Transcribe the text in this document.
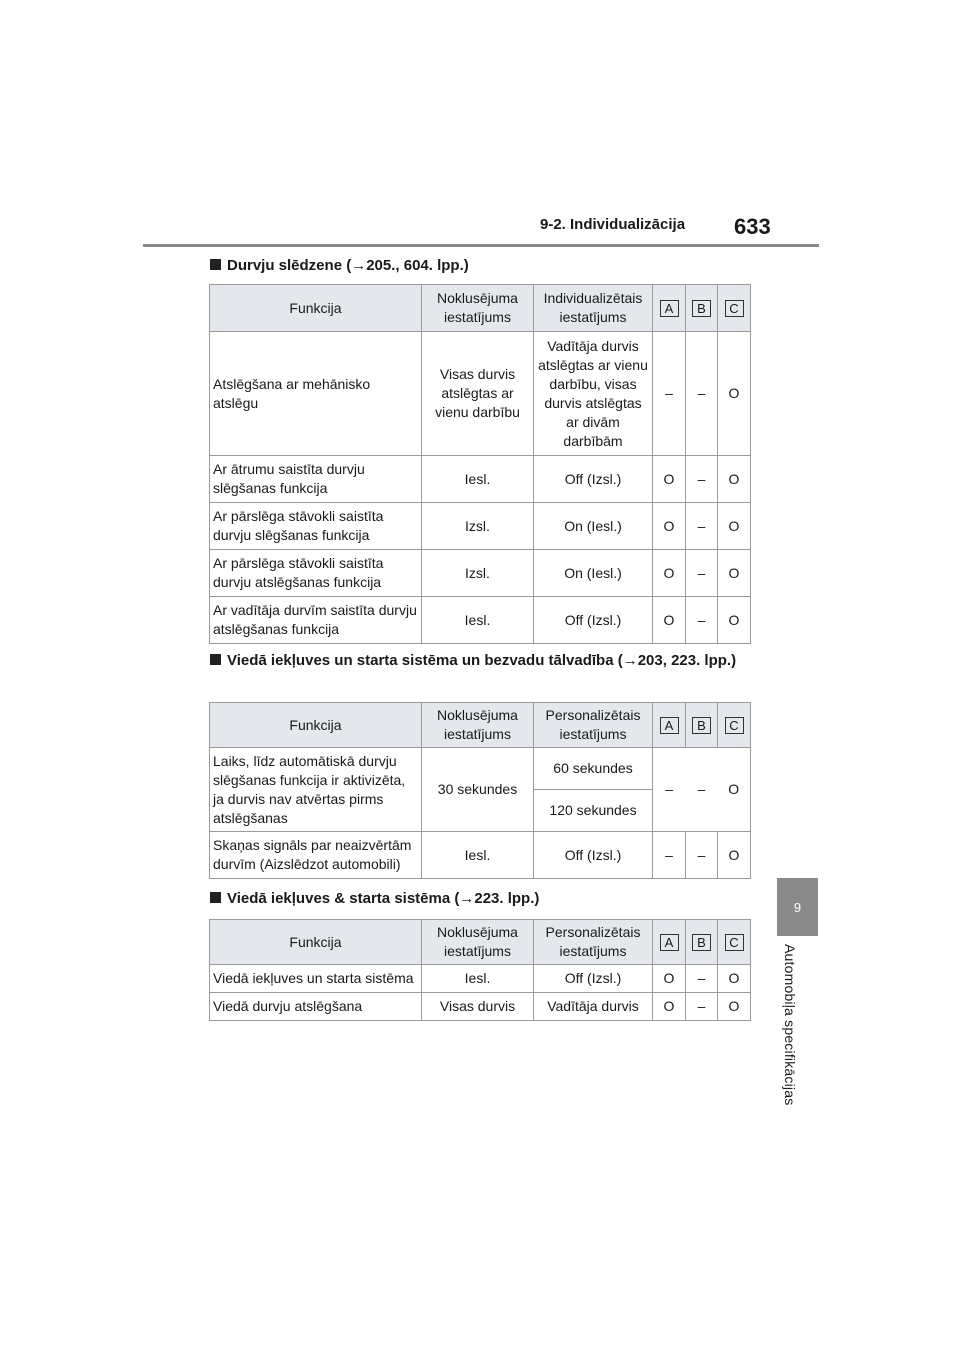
9-2. Individualizācija 633
9
Automobiļa specifikācijas
Durvju slēdzene (→205., 604. lpp.)
Funkcija	Noklusējuma iestatījums	Individualizētais iestatījums	A	B	C
Atslēgšana ar mehānisko atslēgu	Visas durvis atslēgtas ar vienu darbību	Vadītāja durvis atslēgtas ar vienu darbību, visas durvis atslēgtas ar divām darbībām	–	–	O
Ar ātrumu saistīta durvju slēgšanas funkcija	Iesl.	Off (Izsl.)	O	–	O
Ar pārslēga stāvokli saistīta durvju slēgšanas funkcija	Izsl.	On (Iesl.)	O	–	O
Ar pārslēga stāvokli saistīta durvju atslēgšanas funkcija	Izsl.	On (Iesl.)	O	–	O
Ar vadītāja durvīm saistīta durvju atslēgšanas funkcija	Iesl.	Off (Izsl.)	O	–	O
Viedā iekļuves un starta sistēma un bezvadu tālvadība (→203, 223. lpp.)
Funkcija	Noklusējuma iestatījums	Personalizētais iestatījums	A	B	C
Laiks, līdz automātiskā durvju slēgšanas funkcija ir aktivizēta, ja durvis nav atvērtas pirms atslēgšanas	30 sekundes	60 sekundes	–	–	O
		120 sekundes			
Skaņas signāls par neaizvērtām durvīm (Aizslēdzot automobili)	Iesl.	Off (Izsl.)	–	–	O
Viedā iekļuves & starta sistēma (→223. lpp.)
Funkcija	Noklusējuma iestatījums	Personalizētais iestatījums	A	B	C
Viedā iekļuves un starta sistēma	Iesl.	Off (Izsl.)	O	–	O
Viedā durvju atslēgšana	Visas durvis	Vadītāja durvis	O	–	O
